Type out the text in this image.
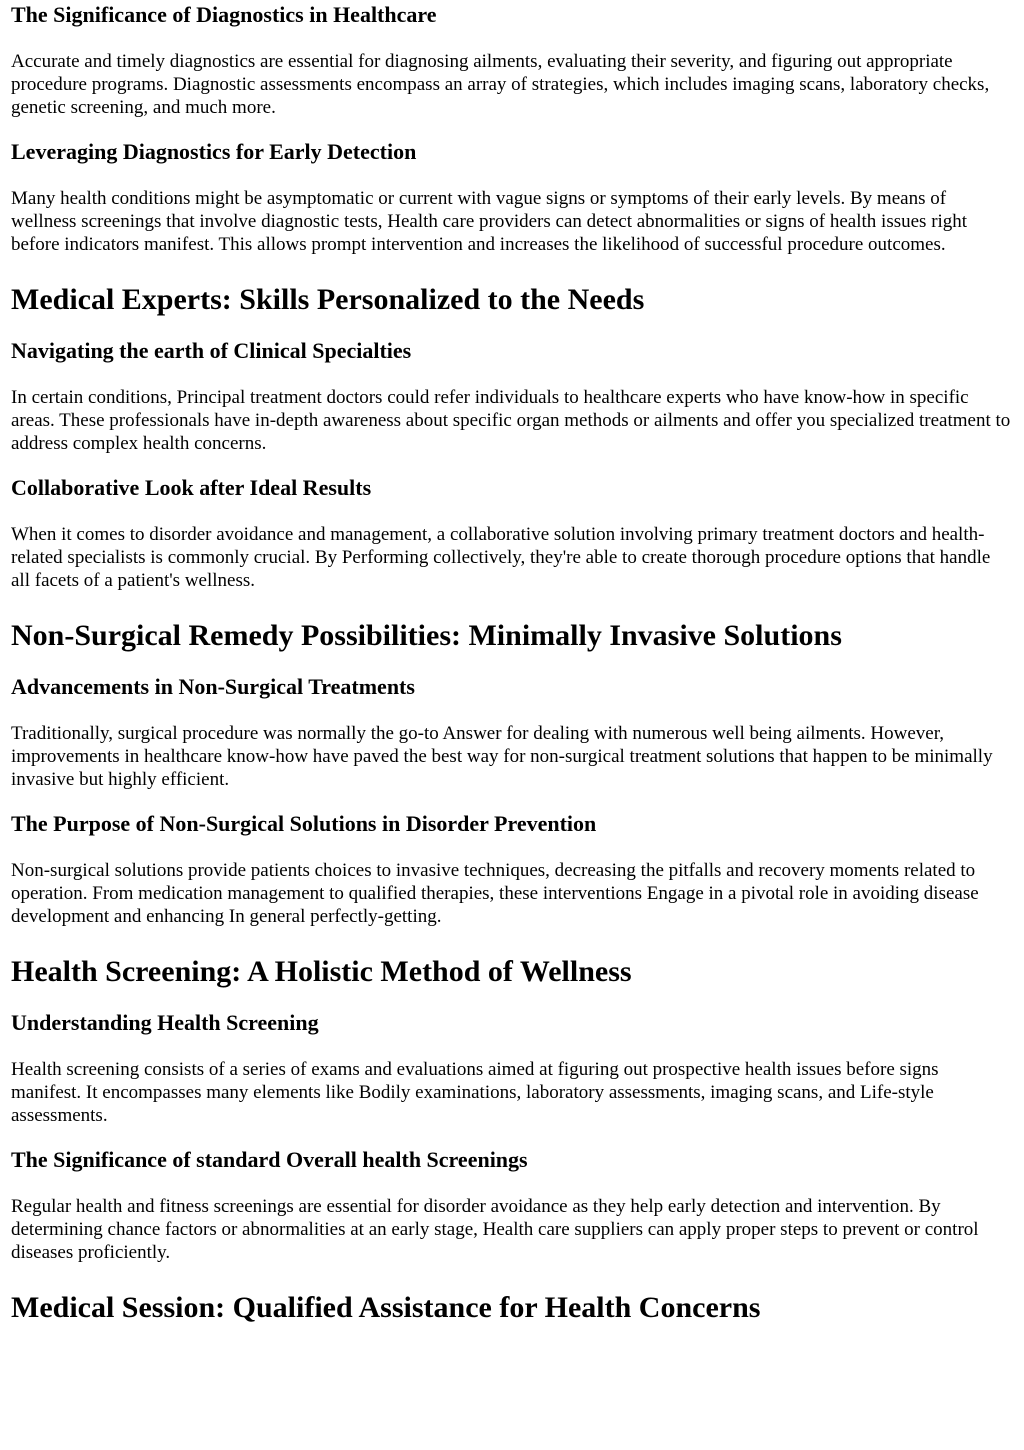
The Significance of Diagnostics in Healthcare

Accurate and timely diagnostics are essential for diagnosing ailments, evaluating their severity, and figuring out appropriate procedure programs. Diagnostic assessments encompass an array of strategies, which includes imaging scans, laboratory checks, genetic screening, and much more.

Leveraging Diagnostics for Early Detection

Many health conditions might be asymptomatic or current with vague signs or symptoms of their early levels. By means of wellness screenings that involve diagnostic tests, Health care providers can detect abnormalities or signs of health issues right before indicators manifest. This allows prompt intervention and increases the likelihood of successful procedure outcomes.

Medical Experts: Skills Personalized to the Needs
Navigating the earth of Clinical Specialties

In certain conditions, Principal treatment doctors could refer individuals to healthcare experts who have know-how in specific areas. These professionals have in-depth awareness about specific organ methods or ailments and offer you specialized treatment to address complex health concerns.

Collaborative Look after Ideal Results

When it comes to disorder avoidance and management, a collaborative solution involving primary treatment doctors and health-related specialists is commonly crucial. By Performing collectively, they're able to create thorough procedure options that handle all facets of a patient's wellness.

Non-Surgical Remedy Possibilities: Minimally Invasive Solutions
Advancements in Non-Surgical Treatments

Traditionally, surgical procedure was normally the go-to Answer for dealing with numerous well being ailments. However, improvements in healthcare know-how have paved the best way for non-surgical treatment solutions that happen to be minimally invasive but highly efficient.

The Purpose of Non-Surgical Solutions in Disorder Prevention

Non-surgical solutions provide patients choices to invasive techniques, decreasing the pitfalls and recovery moments related to operation. From medication management to qualified therapies, these interventions Engage in a pivotal role in avoiding disease development and enhancing In general perfectly-getting.

Health Screening: A Holistic Method of Wellness
Understanding Health Screening

Health screening consists of a series of exams and evaluations aimed at figuring out prospective health issues before signs manifest. It encompasses many elements like Bodily examinations, laboratory assessments, imaging scans, and Life-style assessments.

The Significance of standard Overall health Screenings

Regular health and fitness screenings are essential for disorder avoidance as they help early detection and intervention. By determining chance factors or abnormalities at an early stage, Health care suppliers can apply proper steps to prevent or control diseases proficiently.

Medical Session: Qualified Assistance for Health Concerns
